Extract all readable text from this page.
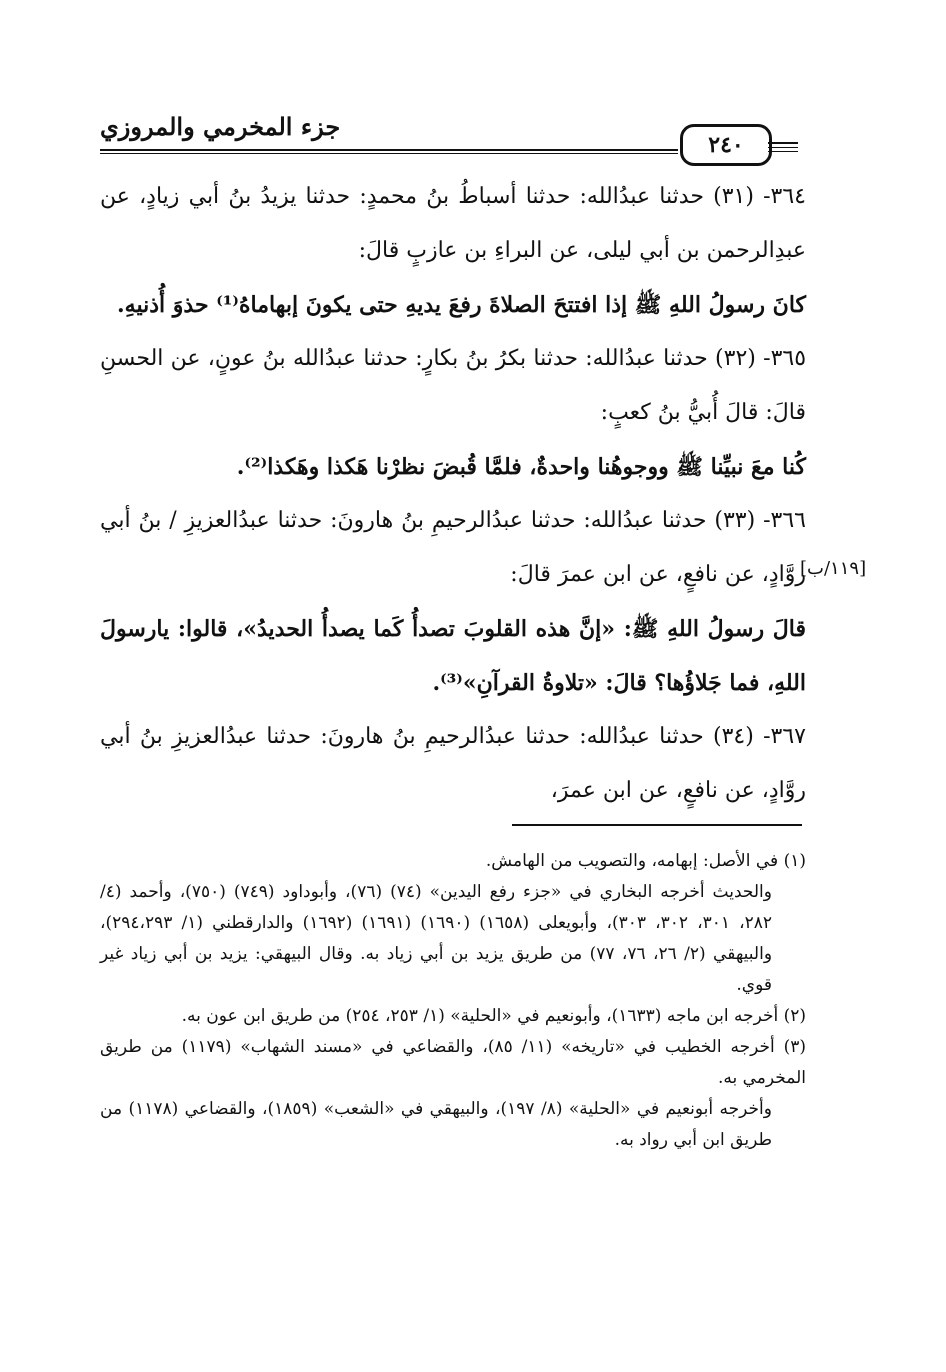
جزء المخرمي والمروزي
٢٤٠

٣٦٤- (٣١) حدثنا عبدُالله: حدثنا أسباطُ بنُ محمدٍ: حدثنا يزيدُ بنُ أبي زيادٍ، عن عبدِالرحمن بن أبي ليلى، عن البراءِ بن عازبٍ قالَ:

كانَ رسولُ اللهِ ﷺ إذا افتتحَ الصلاةَ رفعَ يديهِ حتى يكونَ إبهاماهُ⁽¹⁾ حذوَ أُذنيهِ.

٣٦٥- (٣٢) حدثنا عبدُالله: حدثنا بكرُ بنُ بكارٍ: حدثنا عبدُالله بنُ عونٍ، عن الحسنِ قالَ: قالَ أُبيُّ بنُ كعبٍ:

كُنا معَ نبيِّنا ﷺ ووجوهُنا واحدةٌ، فلمَّا قُبضَ نظرْنا هَكذا وهَكذا⁽²⁾.

٣٦٦- (٣٣) حدثنا عبدُالله: حدثنا عبدُالرحيمِ بنُ هارونَ: حدثنا عبدُالعزيزِ / بنُ أبي روَّادٍ، عن نافعٍ، عن ابن عمرَ قالَ:

قالَ رسولُ اللهِ ﷺ: «إنَّ هذه القلوبَ تصدأُ كَما يصدأُ الحديدُ»، قالوا: يارسولَ اللهِ، فما جَلاؤُها؟ قالَ: «تلاوةُ القرآنِ»⁽³⁾.

٣٦٧- (٣٤) حدثنا عبدُالله: حدثنا عبدُالرحيمِ بنُ هارونَ: حدثنا عبدُالعزيزِ بنُ أبي روَّادٍ، عن نافعٍ، عن ابن عمرَ،

[١١٩/ب]

(١) في الأصل: إبهامه، والتصويب من الهامش.

والحديث أخرجه البخاري في «جزء رفع اليدين» (٧٤) (٧٦)، وأبوداود (٧٤٩) (٧٥٠)، وأحمد (٤/ ٢٨٢، ٣٠١، ٣٠٢، ٣٠٣)، وأبويعلى (١٦٥٨) (١٦٩٠) (١٦٩١) (١٦٩٢) والدارقطني (١/ ٢٩٤،٢٩٣)، والبيهقي (٢/ ٢٦، ٧٦، ٧٧) من طريق يزيد بن أبي زياد به. وقال البيهقي: يزيد بن أبي زياد غير قوي.

(٢) أخرجه ابن ماجه (١٦٣٣)، وأبونعيم في «الحلية» (١/ ٢٥٣، ٢٥٤) من طريق ابن عون به.

(٣) أخرجه الخطيب في «تاريخه» (١١/ ٨٥)، والقضاعي في «مسند الشهاب» (١١٧٩) من طريق المخرمي به.

وأخرجه أبونعيم في «الحلية» (٨/ ١٩٧)، والبيهقي في «الشعب» (١٨٥٩)، والقضاعي (١١٧٨) من طريق ابن أبي رواد به.
